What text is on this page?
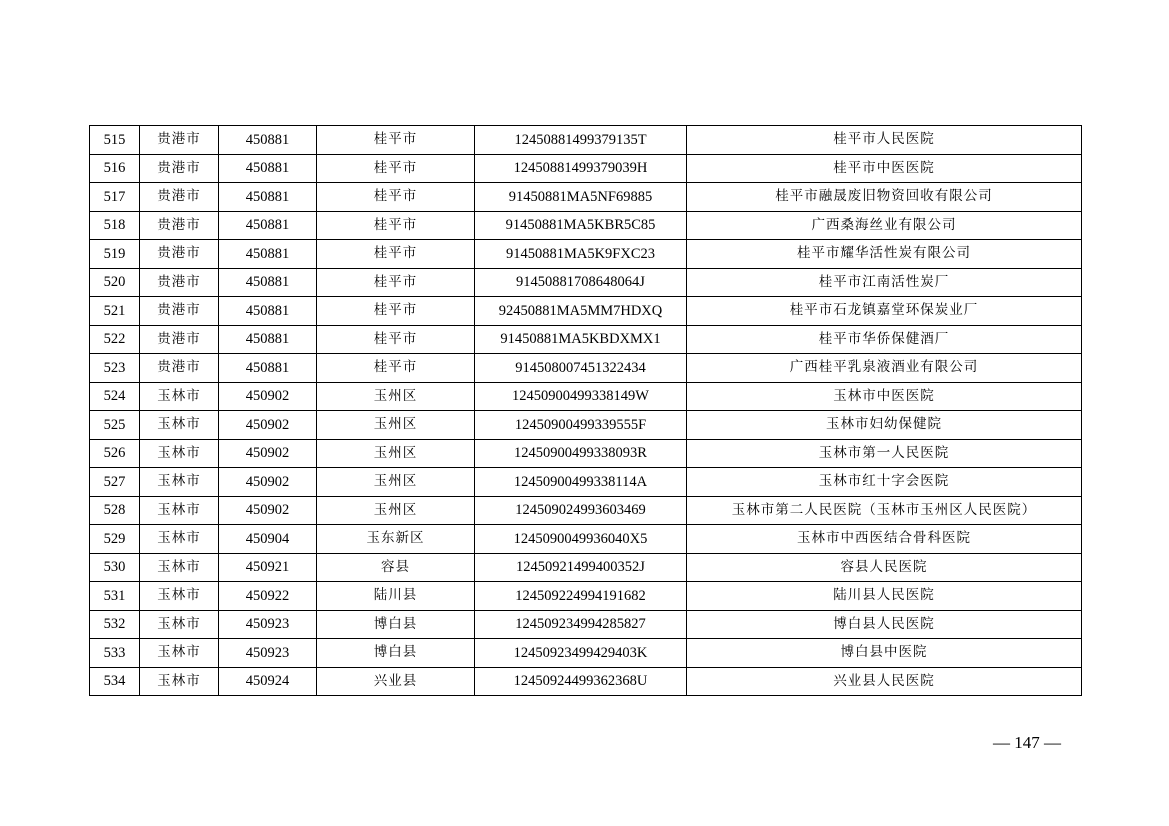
515	贵港市	450881	桂平市	12450881499379135T	桂平市人民医院
516	贵港市	450881	桂平市	12450881499379039H	桂平市中医医院
517	贵港市	450881	桂平市	91450881MA5NF69885	桂平市融晟废旧物资回收有限公司
518	贵港市	450881	桂平市	91450881MA5KBR5C85	广西桑海丝业有限公司
519	贵港市	450881	桂平市	91450881MA5K9FXC23	桂平市耀华活性炭有限公司
520	贵港市	450881	桂平市	91450881708648064J	桂平市江南活性炭厂
521	贵港市	450881	桂平市	92450881MA5MM7HDXQ	桂平市石龙镇嘉堂环保炭业厂
522	贵港市	450881	桂平市	91450881MA5KBDXMX1	桂平市华侨保健酒厂
523	贵港市	450881	桂平市	914508007451322434	广西桂平乳泉液酒业有限公司
524	玉林市	450902	玉州区	12450900499338149W	玉林市中医医院
525	玉林市	450902	玉州区	12450900499339555F	玉林市妇幼保健院
526	玉林市	450902	玉州区	12450900499338093R	玉林市第一人民医院
527	玉林市	450902	玉州区	12450900499338114A	玉林市红十字会医院
528	玉林市	450902	玉州区	124509024993603469	玉林市第二人民医院（玉林市玉州区人民医院）
529	玉林市	450904	玉东新区	1245090049936040X5	玉林市中西医结合骨科医院
530	玉林市	450921	容县	12450921499400352J	容县人民医院
531	玉林市	450922	陆川县	124509224994191682	陆川县人民医院
532	玉林市	450923	博白县	124509234994285827	博白县人民医院
533	玉林市	450923	博白县	12450923499429403K	博白县中医院
534	玉林市	450924	兴业县	12450924499362368U	兴业县人民医院
— 147 —
